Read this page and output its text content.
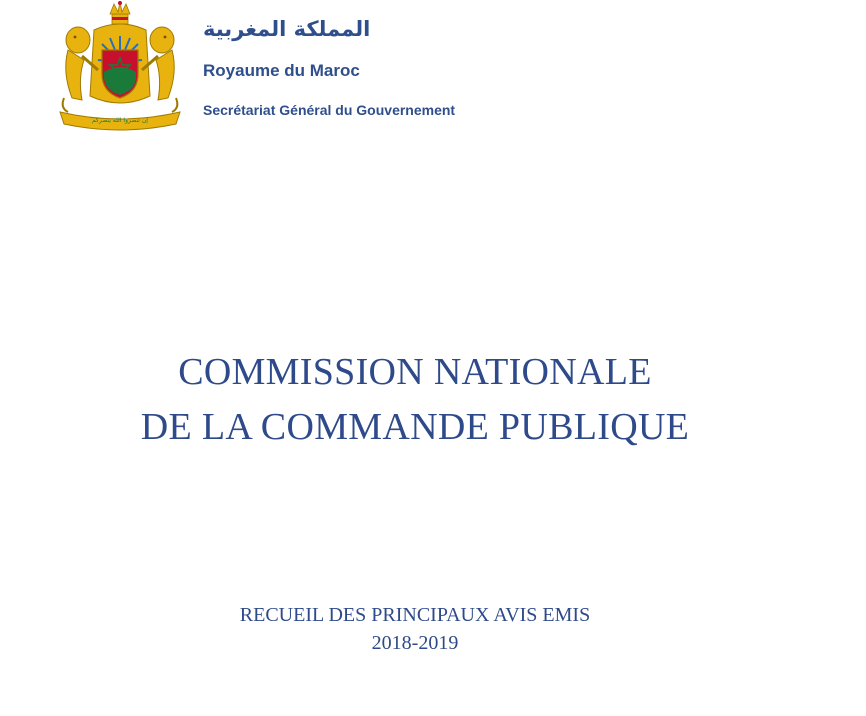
إن تنصروا الله ينصركم
المملكة المغربية
Royaume du Maroc
Secrétariat Général du Gouvernement
COMMISSION NATIONALE
DE LA COMMANDE PUBLIQUE
RECUEIL DES PRINCIPAUX AVIS EMIS
2018-2019
